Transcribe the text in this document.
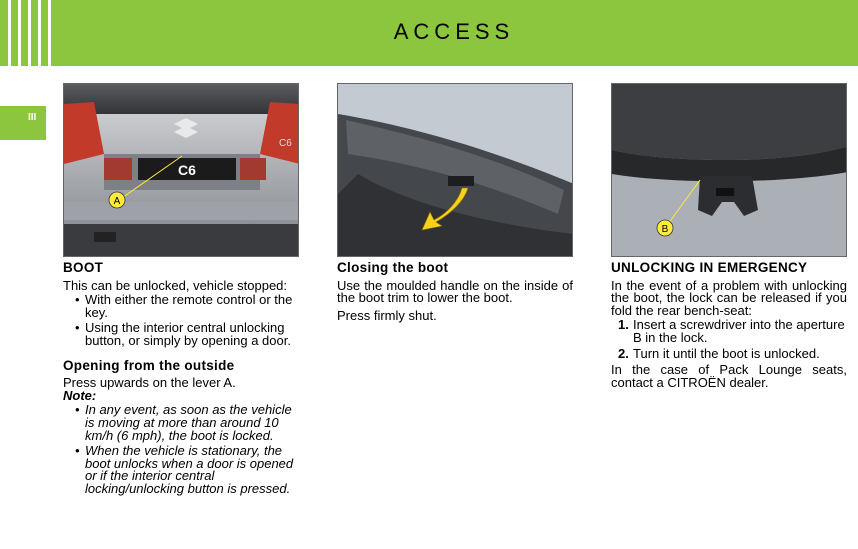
ACCESS
III
C6
C6
A
B
BOOT

This can be unlocked, vehicle stopped:

• With either the remote control or the key.
• Using the interior central unlocking button, or simply by opening a door.
Opening from the outside

Press upwards on the lever A.

Note:

• In any event, as soon as the vehicle is moving at more than around 10 km/h (6 mph), the boot is locked.
• When the vehicle is stationary, the boot unlocks when a door is opened or if the interior central locking/unlocking button is pressed.
Closing the boot

Use the moulded handle on the inside of the boot trim to lower the boot.

Press firmly shut.

UNLOCKING IN EMERGENCY

In the event of a problem with unlocking the boot, the lock can be released if you fold the rear bench-seat:

1. Insert a screwdriver into the aperture B in the lock.
2. Turn it until the boot is unlocked.

In the case of Pack Lounge seats, contact a CITROËN dealer.
